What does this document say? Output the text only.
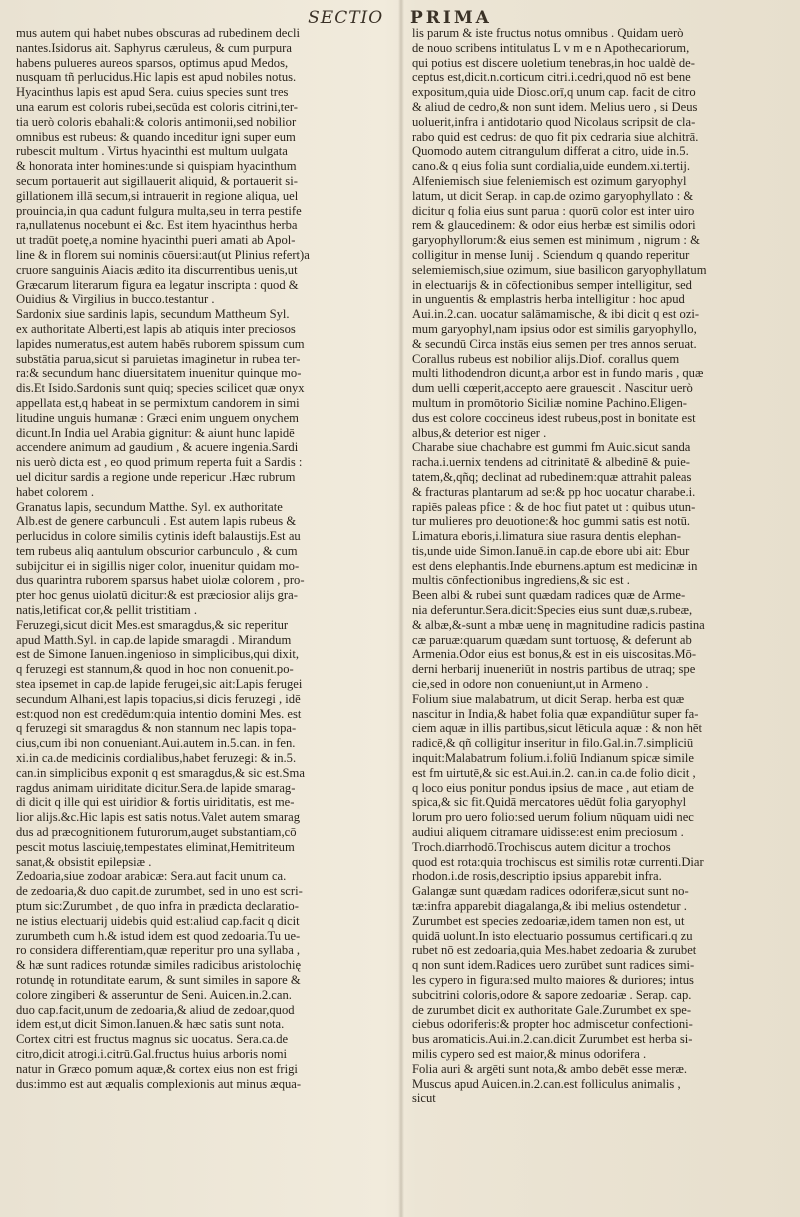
SECTIO PRIMA
mus autem qui habet nubes obscuras ad rubedinem decli
nantes.Isidorus ait. Saphyrus cæruleus, & cum purpura
habens pulueres aureos sparsos, optimus apud Medos,
nusquam tñ perlucidus.Hic lapis est apud nobiles notus.
Hyacinthus lapis est apud Sera. cuius species sunt tres
una earum est coloris rubei,secūda est coloris citrini,ter-
tia uerò coloris ebahali:& coloris antimonii,sed nobilior
omnibus est rubeus: & quando inceditur igni super eum
rubescit multum . Virtus hyacinthi est multum uulgata
& honorata inter homines:unde si quispiam hyacinthum
secum portauerit aut sigillauerit aliquid, & portauerit si-
gillationem illā secum,si intrauerit in regione aliqua, uel
prouincia,in qua cadunt fulgura multa,seu in terra pestife
ra,nullatenus nocebunt ei &c. Est item hyacinthus herba
ut tradūt poetę,a nomine hyacinthi pueri amati ab Apol-
line & in florem sui nominis cōuersi:aut(ut Plinius refert)a
cruore sanguinis Aiacis ædito ita discurrentibus uenis,ut
Græcarum literarum figura ea legatur inscripta : quod &
Ouidius & Virgilius in bucco.testantur .
Sardonix siue sardinis lapis, secundum Mattheum Syl.
ex authoritate Alberti,est lapis ab atiquis inter preciosos
lapides numeratus,est autem habēs ruborem spissum cum
substātia parua,sicut si paruietas imaginetur in rubea ter-
ra:& secundum hanc diuersitatem inuenitur quinque mo-
dis.Et Isido.Sardonis sunt quiq; species scilicet quæ onyx
appellata est,q habeat in se permixtum candorem in simi
litudine unguis humanæ : Græci enim unguem onychem
dicunt.In India uel Arabia gignitur: & aiunt hunc lapidē
accendere animum ad gaudium , & acuere ingenia.Sardi
nis uerò dicta est , eo quod primum reperta fuit a Sardis :
uel dicitur sardis a regione unde repericur .Hæc rubrum
habet colorem .
Granatus lapis, secundum Matthe. Syl. ex authoritate
Alb.est de genere carbunculi . Est autem lapis rubeus &
perlucidus in colore similis cytinis ideft balaustijs.Est au
tem rubeus aliq aantulum obscurior carbunculo , & cum
subijcitur ei in sigillis niger color, inuenitur quidam mo-
dus quarintra ruborem sparsus habet uiolæ colorem , pro-
pter hoc genus uiolatū dicitur:& est præciosior alijs gra-
natis,letificat cor,& pellit tristitiam .
Feruzegi,sicut dicit Mes.est smaragdus,& sic reperitur
apud Matth.Syl. in cap.de lapide smaragdi . Mirandum
est de Simone Ianuen.ingenioso in simplicibus,qui dixit,
q feruzegi est stannum,& quod in hoc non conuenit.po-
stea ipsemet in cap.de lapide ferugei,sic ait:Lapis ferugei
secundum Alhani,est lapis topacius,si dicis feruzegi , idē
est:quod non est credēdum:quia intentio domini Mes. est
q feruzegi sit smaragdus & non stannum nec lapis topa-
cius,cum ibi non conueniant.Aui.autem in.5.can. in fen.
xi.in ca.de medicinis cordialibus,habet feruzegi: & in.5.
can.in simplicibus exponit q est smaragdus,& sic est.Sma
ragdus animam uiriditate dicitur.Sera.de lapide smarag-
di dicit q ille qui est uiridior & fortis uiriditatis, est me-
lior alijs.&c.Hic lapis est satis notus.Valet autem smarag
dus ad præcognitionem futurorum,auget substantiam,cō
pescit motus lasciuię,tempestates eliminat,Hemitriteum
sanat,& obsistit epilepsiæ .
Zedoaria,siue zodoar arabicæ: Sera.aut facit unum ca.
de zedoaria,& duo capit.de zurumbet, sed in uno est scri-
ptum sic:Zurumbet , de quo infra in prædicta declaratio-
ne istius electuarij uidebis quid est:aliud cap.facit q dicit
zurumbeth cum h.& istud idem est quod zedoaria.Tu ue-
ro considera differentiam,quæ reperitur pro una syllaba ,
& hæ sunt radices rotundæ similes radicibus aristolochię
rotundę in rotunditate earum, & sunt similes in sapore &
colore zingiberi & asseruntur de Seni. Auicen.in.2.can.
duo cap.facit,unum de zedoaria,& aliud de zedoar,quod
idem est,ut dicit Simon.Ianuen.& hæc satis sunt nota.
Cortex citri est fructus magnus sic uocatus. Sera.ca.de
citro,dicit atrogi.i.citrū.Gal.fructus huius arboris nomi
natur in Græco pomum aquæ,& cortex eius non est frigi
dus:immo est aut æqualis complexionis aut minus æqua-
lis parum & iste fructus notus omnibus . Quidam uerò
de nouo scribens intitulatus L v m e n Apothecariorum,
qui potius est discere uoletium tenebras,in hoc ualdè de-
ceptus est,dicit.n.corticum citri.i.cedri,quod nō est bene
expositum,quia uide Diosc.orī,q unum cap. facit de citro
& aliud de cedro,& non sunt idem. Melius uero , si Deus
uoluerit,infra i antidotario quod Nicolaus scripsit de cla-
rabo quid est cedrus: de quo fit pix cedraria siue alchitrā.
Quomodo autem citrangulum differat a citro, uide in.5.
cano.& q eius folia sunt cordialia,uide eundem.xi.tertij.
Alfeniemisch siue feleniemisch est ozimum garyophyl
latum, ut dicit Serap. in cap.de ozimo garyophyllato : &
dicitur q folia eius sunt parua : quorū color est inter uiro
rem & glaucedinem: & odor eius herbæ est similis odori
garyophyllorum:& eius semen est minimum , nigrum : &
colligitur in mense Iunij . Sciendum q quando reperitur
selemiemisch,siue ozimum, siue basilicon garyophyllatum
in electuarijs & in cōfectionibus semper intelligitur, sed
in unguentis & emplastris herba intelligitur : hoc apud
Aui.in.2.can. uocatur salāmamische, & ibi dicit q est ozi-
mum garyophyl,nam ipsius odor est similis garyophyllo,
& secundū Circa instās eius semen per tres annos seruat.
Corallus rubeus est nobilior alijs.Diof. corallus quem
multi lithodendron dicunt,a arbor est in fundo maris , quæ
dum uelli cœperit,accepto aere grauescit . Nascitur uerò
multum in promōtorio Siciliæ nomine Pachino.Eligen-
dus est colore coccineus idest rubeus,post in bonitate est
albus,& deterior est niger .
Charabe siue chachabre est gummi fm Auic.sicut sanda
racha.i.uernix tendens ad citrinitatē & albedinē & puie-
tatem,&,qñq; declinat ad rubedinem:quæ attrahit paleas
& fracturas plantarum ad se:& pp hoc uocatur charabe.i.
rapiēs paleas pfice : & de hoc fiut patet ut : quibus utun-
tur mulieres pro deuotione:& hoc gummi satis est notū.
Limatura eboris,i.limatura siue rasura dentis elephan-
tis,unde uide Simon.Ianuē.in cap.de ebore ubi ait: Ebur
est dens elephantis.Inde eburnens.aptum est medicinæ in
multis cōnfectionibus ingrediens,& sic est .
Been albi & rubei sunt quædam radices quæ de Arme-
nia deferuntur.Sera.dicit:Species eius sunt duæ,s.rubeæ,
& albæ,&-sunt a mbæ uenę in magnitudine radicis pastina
cæ paruæ:quarum quædam sunt tortuosę, & deferunt ab
Armenia.Odor eius est bonus,& est in eis uiscositas.Mō-
derni herbarij inueneriūt in nostris partibus de utraq; spe
cie,sed in odore non conueniunt,ut in Armeno .
Folium siue malabatrum, ut dicit Serap. herba est quæ
nascitur in India,& habet folia quæ expandiūtur super fa-
ciem aquæ in illis partibus,sicut lēticula aquæ : & non hēt
radicē,& qñ colligitur inseritur in filo.Gal.in.7.simpliciū
inquit:Malabatrum folium.i.foliū Indianum spicæ simile
est fm uirtutē,& sic est.Aui.in.2. can.in ca.de folio dicit ,
q loco eius ponitur pondus ipsius de mace , aut etiam de
spica,& sic fit.Quidā mercatores uēdūt folia garyophyl
lorum pro uero folio:sed uerum folium nūquam uidi nec
audiui aliquem citramare uidisse:est enim preciosum .
Troch.diarrhodō.Trochiscus autem dicitur a trochos
quod est rota:quia trochiscus est similis rotæ currenti.Diar
rhodon.i.de rosis,descriptio ipsius apparebit infra.
Galangæ sunt quædam radices odoriferæ,sicut sunt no-
tæ:infra apparebit diagalanga,& ibi melius ostendetur .
Zurumbet est species zedoariæ,idem tamen non est, ut
quidā uolunt.In isto electuario possumus certificari.q zu
rubet nō est zedoaria,quia Mes.habet zedoaria & zurubet
q non sunt idem.Radices uero zurūbet sunt radices simi-
les cypero in figura:sed multo maiores & duriores; intus
subcitrini coloris,odore & sapore zedoariæ . Serap. cap.
de zurumbet dicit ex authoritate Gale.Zurumbet ex spe-
ciebus odoriferis:& propter hoc admiscetur confectioni-
bus aromaticis.Aui.in.2.can.dicit Zurumbet est herba si-
milis cypero sed est maior,& minus odorifera .
Folia auri & argēti sunt nota,& ambo debēt esse meræ.
Muscus apud Auicen.in.2.can.est folliculus animalis ,
sicut
